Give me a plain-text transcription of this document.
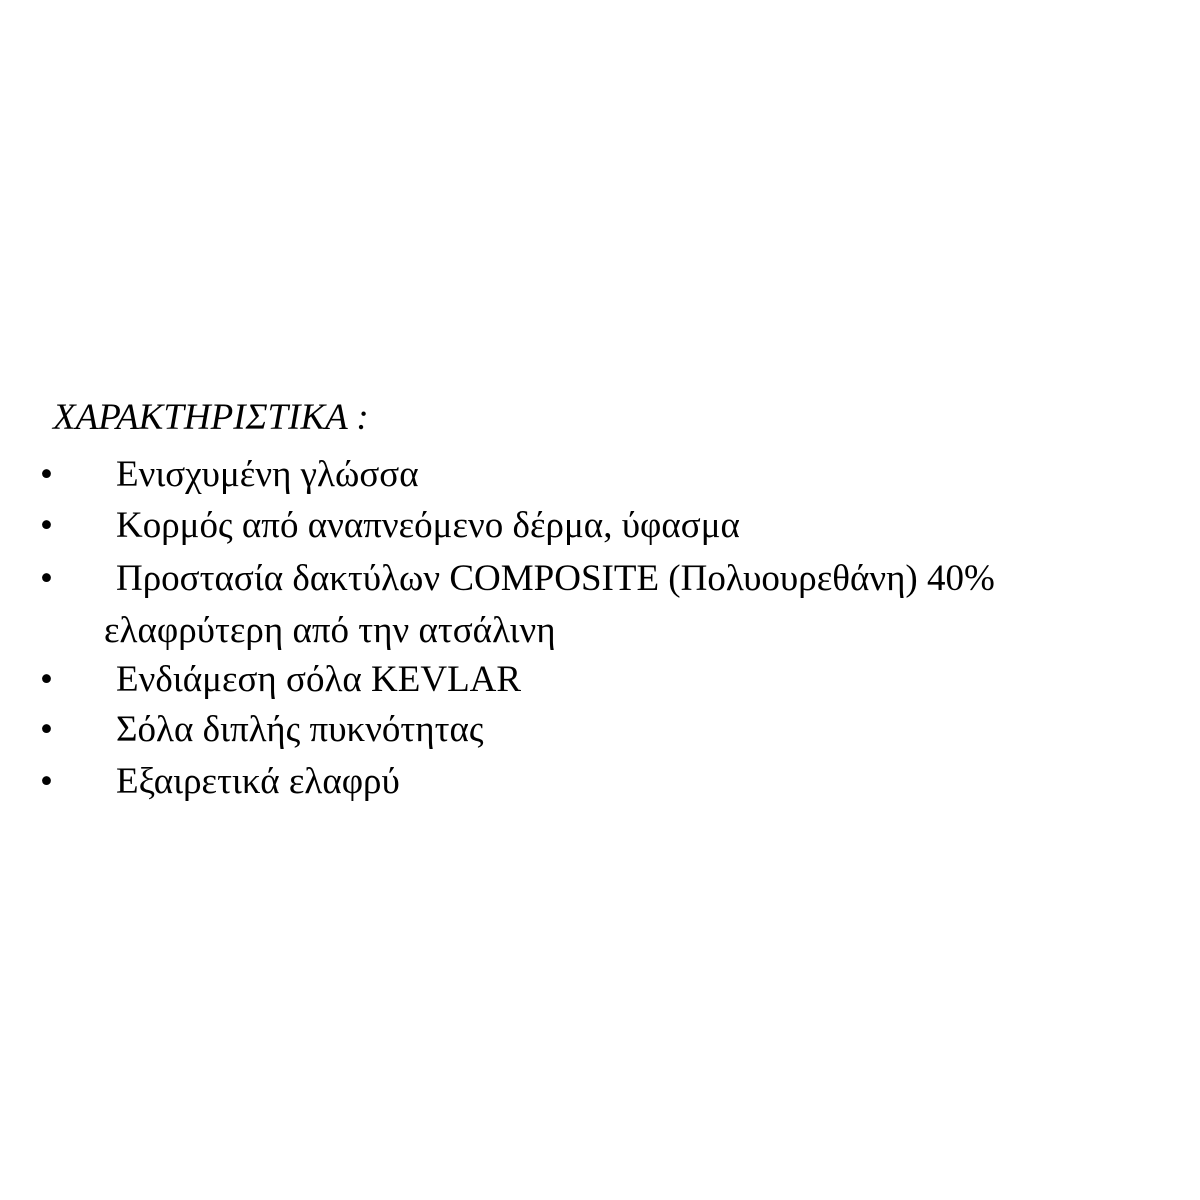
ΧΑΡΑΚΤΗΡΙΣΤΙΚΑ :
• Ενισχυμένη γλώσσα
• Κορμός από αναπνεόμενο δέρμα, ύφασμα
• Προστασία δακτύλων COMPOSITE (Πολυουρεθάνη) 40%
ελαφρύτερη από την ατσάλινη
• Ενδιάμεση σόλα KEVLAR
• Σόλα διπλής πυκνότητας
• Εξαιρετικά ελαφρύ
